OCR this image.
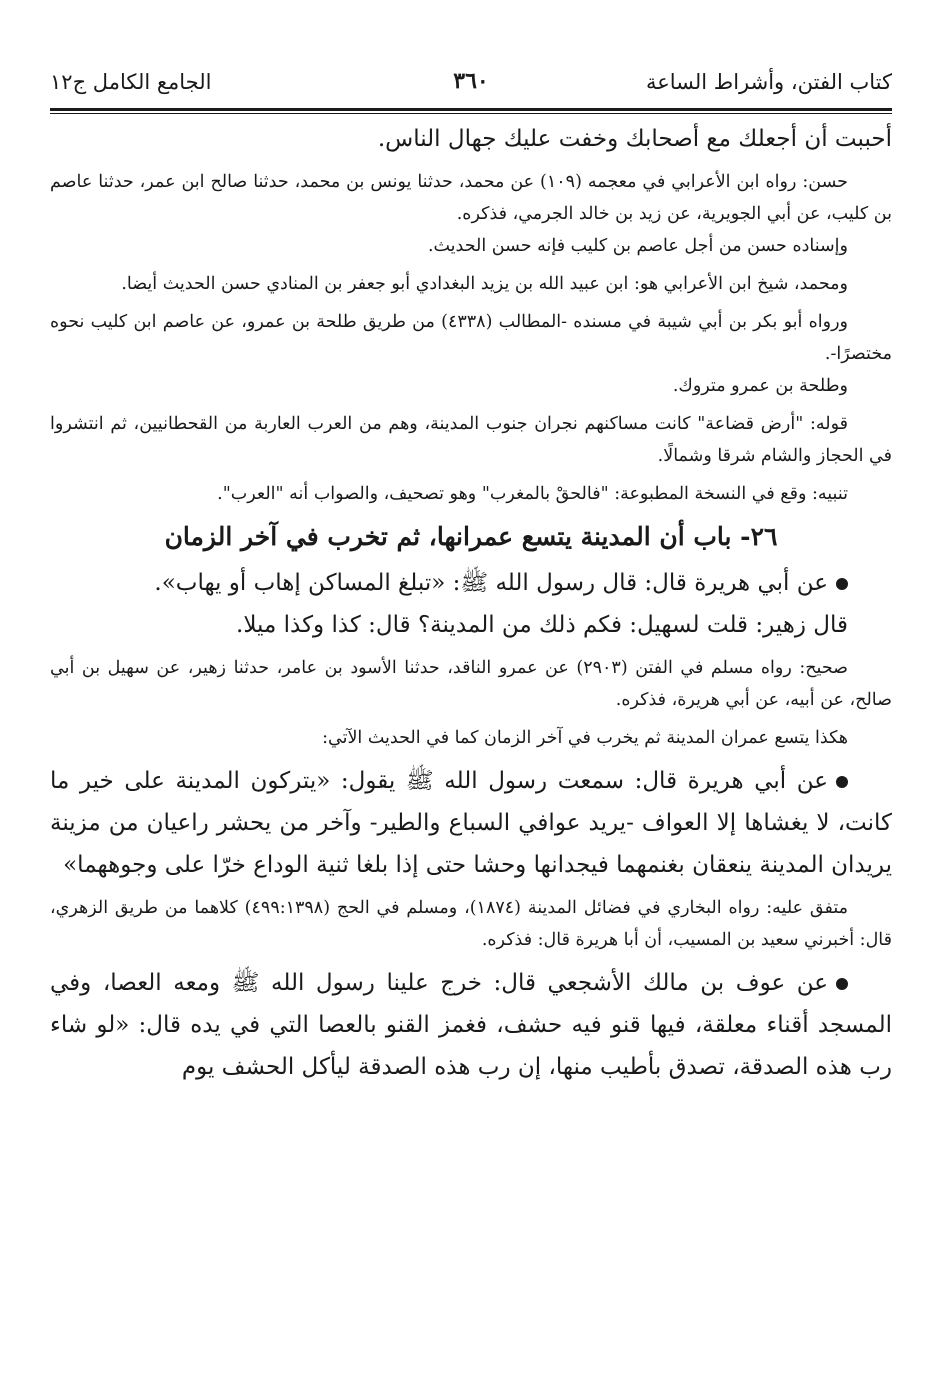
كتاب الفتن، وأشراط الساعة
٣٦٠
الجامع الكامل ج١٢

أحببت أن أجعلك مع أصحابك وخفت عليك جهال الناس.

حسن: رواه ابن الأعرابي في معجمه (١٠٩) عن محمد، حدثنا يونس بن محمد، حدثنا صالح ابن عمر، حدثنا عاصم بن كليب، عن أبي الجويرية، عن زيد بن خالد الجرمي، فذكره.

وإسناده حسن من أجل عاصم بن كليب فإنه حسن الحديث.

ومحمد، شيخ ابن الأعرابي هو: ابن عبيد الله بن يزيد البغدادي أبو جعفر بن المنادي حسن الحديث أيضا.

ورواه أبو بكر بن أبي شيبة في مسنده -المطالب (٤٣٣٨) من طريق طلحة بن عمرو، عن عاصم ابن كليب نحوه مختصرًا-.

وطلحة بن عمرو متروك.

قوله: "أرض قضاعة" كانت مساكنهم نجران جنوب المدينة، وهم من العرب العاربة من القحطانيين، ثم انتشروا في الحجاز والشام شرقا وشمالًا.

تنبيه: وقع في النسخة المطبوعة: "فالحقْ بالمغرب" وهو تصحيف، والصواب أنه "العرب".

٢٦- باب أن المدينة يتسع عمرانها، ثم تخرب في آخر الزمان

عن أبي هريرة قال: قال رسول الله ﷺ: «تبلغ المساكن إهاب أو يهاب».

قال زهير: قلت لسهيل: فكم ذلك من المدينة؟ قال: كذا وكذا ميلا.

صحيح: رواه مسلم في الفتن (٢٩٠٣) عن عمرو الناقد، حدثنا الأسود بن عامر، حدثنا زهير، عن سهيل بن أبي صالح، عن أبيه، عن أبي هريرة، فذكره.

هكذا يتسع عمران المدينة ثم يخرب في آخر الزمان كما في الحديث الآتي:

عن أبي هريرة قال: سمعت رسول الله ﷺ يقول: «يتركون المدينة على خير ما كانت، لا يغشاها إلا العواف -يريد عوافي السباع والطير- وآخر من يحشر راعيان من مزينة يريدان المدينة ينعقان بغنمهما فيجدانها وحشا حتى إذا بلغا ثنية الوداع خرّا على وجوههما»

متفق عليه: رواه البخاري في فضائل المدينة (١٨٧٤)، ومسلم في الحج (٤٩٩:١٣٩٨) كلاهما من طريق الزهري، قال: أخبرني سعيد بن المسيب، أن أبا هريرة قال: فذكره.

عن عوف بن مالك الأشجعي قال: خرج علينا رسول الله ﷺ ومعه العصا، وفي المسجد أقناء معلقة، فيها قنو فيه حشف، فغمز القنو بالعصا التي في يده قال: «لو شاء رب هذه الصدقة، تصدق بأطيب منها، إن رب هذه الصدقة ليأكل الحشف يوم
